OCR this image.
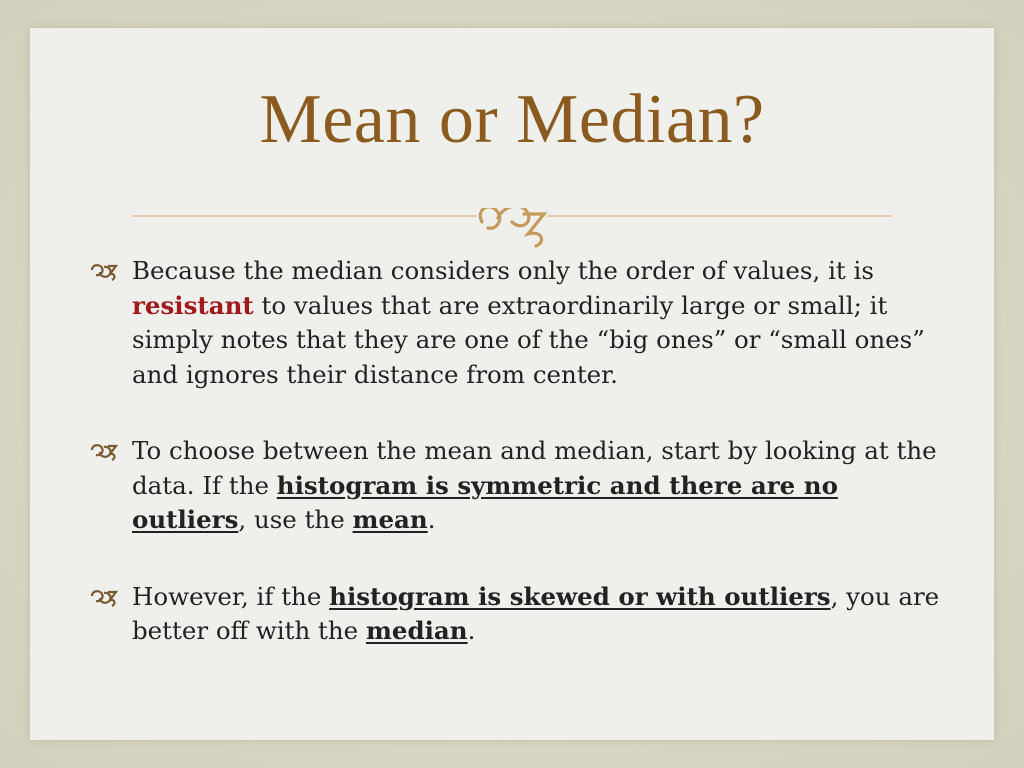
Mean or Median?
Because the median considers only the order of values, it is resistant to values that are extraordinarily large or small; it simply notes that they are one of the “big ones” or “small ones” and ignores their distance from center.
To choose between the mean and median, start by looking at the data. If the histogram is symmetric and there are no outliers, use the mean.
However, if the histogram is skewed or with outliers, you are better off with the median.
